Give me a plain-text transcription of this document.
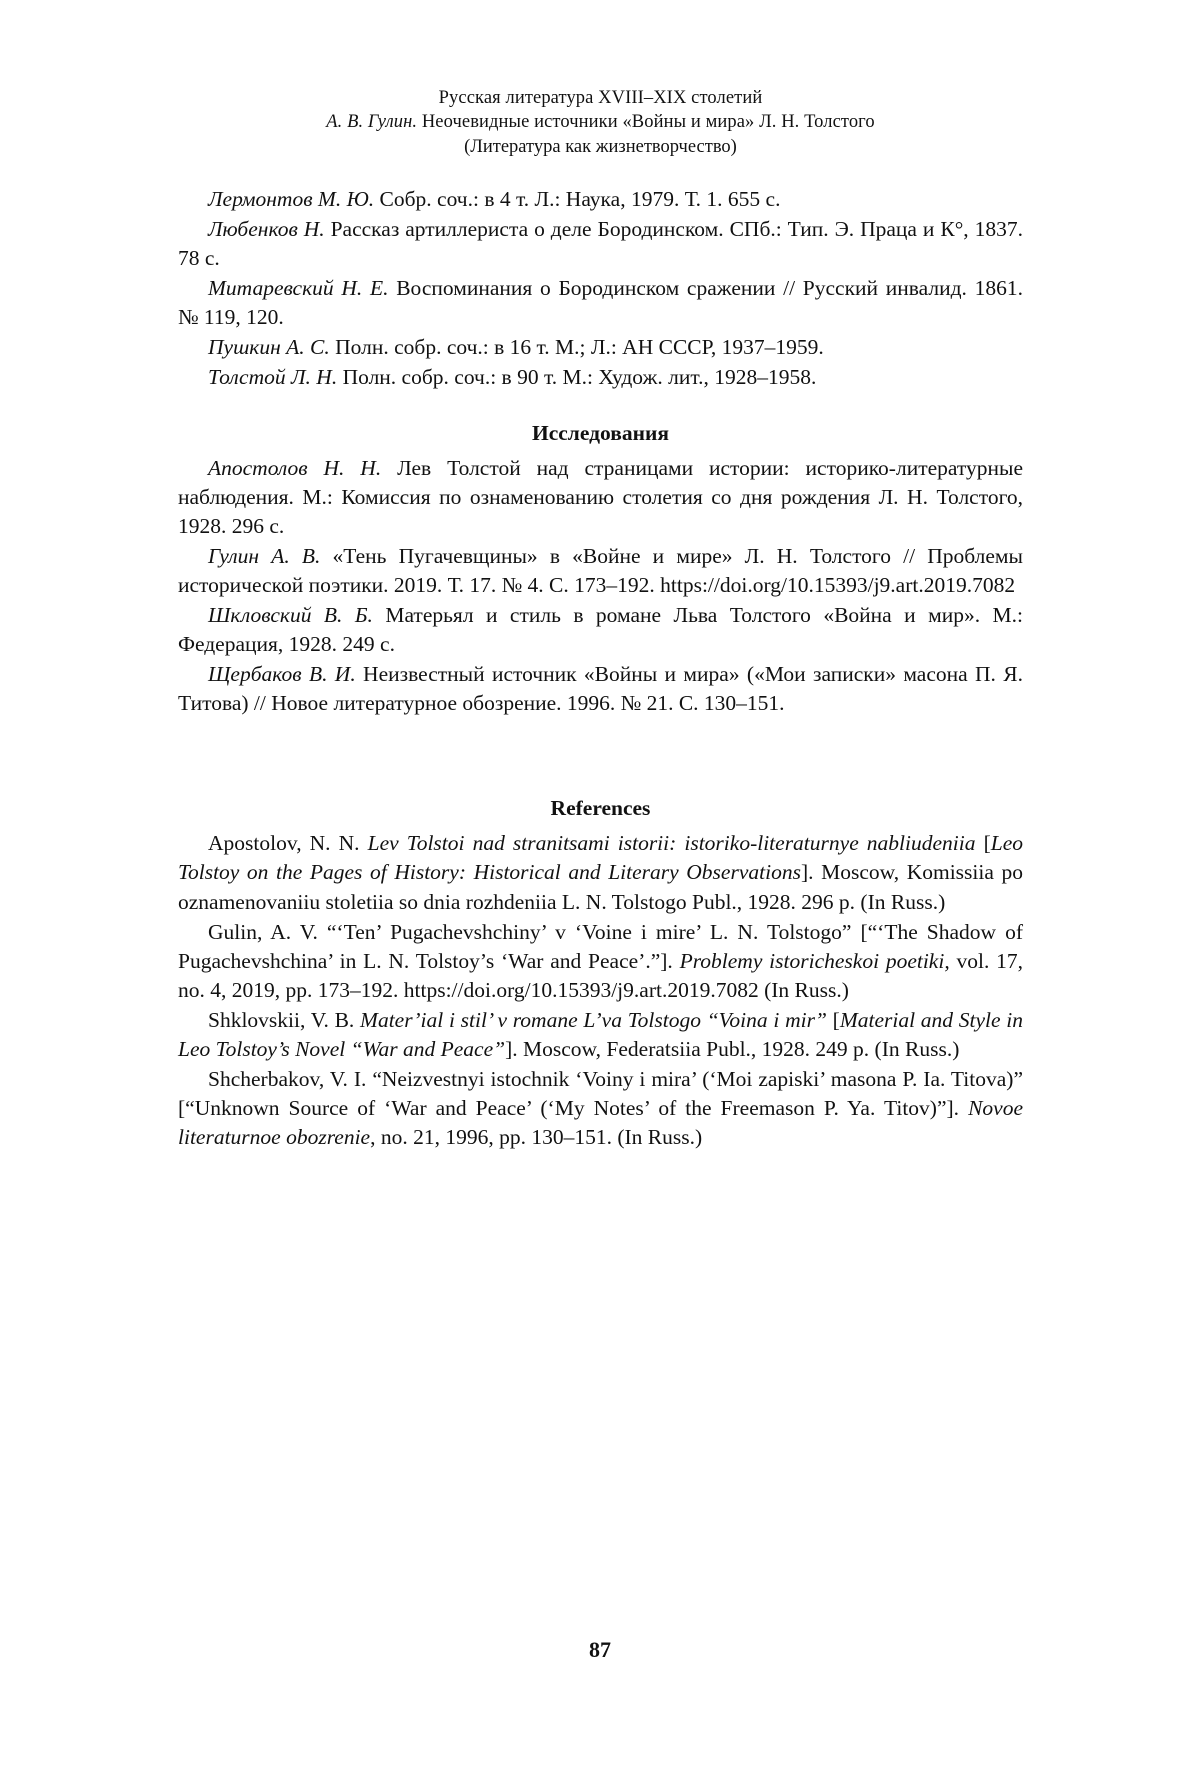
Русская литература XVIII–XIX столетий
А. В. Гулин. Неочевидные источники «Войны и мира» Л. Н. Толстого
(Литература как жизнетворчество)

Лермонтов М. Ю. Собр. соч.: в 4 т. Л.: Наука, 1979. Т. 1. 655 с.

Любенков Н. Рассказ артиллериста о деле Бородинском. СПб.: Тип. Э. Праца и К°, 1837. 78 с.

Митаревский Н. Е. Воспоминания о Бородинском сражении // Русский инвалид. 1861. № 119, 120.

Пушкин А. С. Полн. собр. соч.: в 16 т. М.; Л.: АН СССР, 1937–1959.

Толстой Л. Н. Полн. собр. соч.: в 90 т. М.: Худож. лит., 1928–1958.

Исследования

Апостолов Н. Н. Лев Толстой над страницами истории: историко-литературные наблюдения. М.: Комиссия по ознаменованию столетия со дня рождения Л. Н. Толстого, 1928. 296 с.

Гулин А. В. «Тень Пугачевщины» в «Войне и мире» Л. Н. Толстого // Проблемы исторической поэтики. 2019. Т. 17. № 4. С. 173–192. https://doi.org/10.15393/j9.art.2019.7082

Шкловский В. Б. Матерьял и стиль в романе Льва Толстого «Война и мир». М.: Федерация, 1928. 249 с.

Щербаков В. И. Неизвестный источник «Войны и мира» («Мои записки» масона П. Я. Титова) // Новое литературное обозрение. 1996. № 21. С. 130–151.

References

Apostolov, N. N. Lev Tolstoi nad stranitsami istorii: istoriko-literaturnye nabliudeniia [Leo Tolstoy on the Pages of History: Historical and Literary Observations]. Moscow, Komissiia po oznamenovaniiu stoletiia so dnia rozhdeniia L. N. Tolstogo Publ., 1928. 296 p. (In Russ.)

Gulin, A. V. “ʻTen’ Pugachevshchiny’ v ʻVoine i mire’ L. N. Tolstogo” [“ʻThe Shadow of Pugachevshchina’ in L. N. Tolstoy’s ʻWar and Peace’.”]. Problemy istoricheskoi poetiki, vol. 17, no. 4, 2019, pp. 173–192. https://doi.org/10.15393/j9.art.2019.7082 (In Russ.)

Shklovskii, V. B. Mater’ial i stil’ v romane L’va Tolstogo “Voina i mir” [Material and Style in Leo Tolstoy’s Novel “War and Peace”]. Moscow, Federatsiia Publ., 1928. 249 p. (In Russ.)

Shcherbakov, V. I. “Neizvestnyi istochnik ʻVoiny i mira’ (ʻMoi zapiski’ masona P. Ia. Titova)” [“Unknown Source of ʻWar and Peace’ (ʻMy Notes’ of the Freemason P. Ya. Titov)”]. Novoe literaturnoe obozrenie, no. 21, 1996, pp. 130–151. (In Russ.)

87
